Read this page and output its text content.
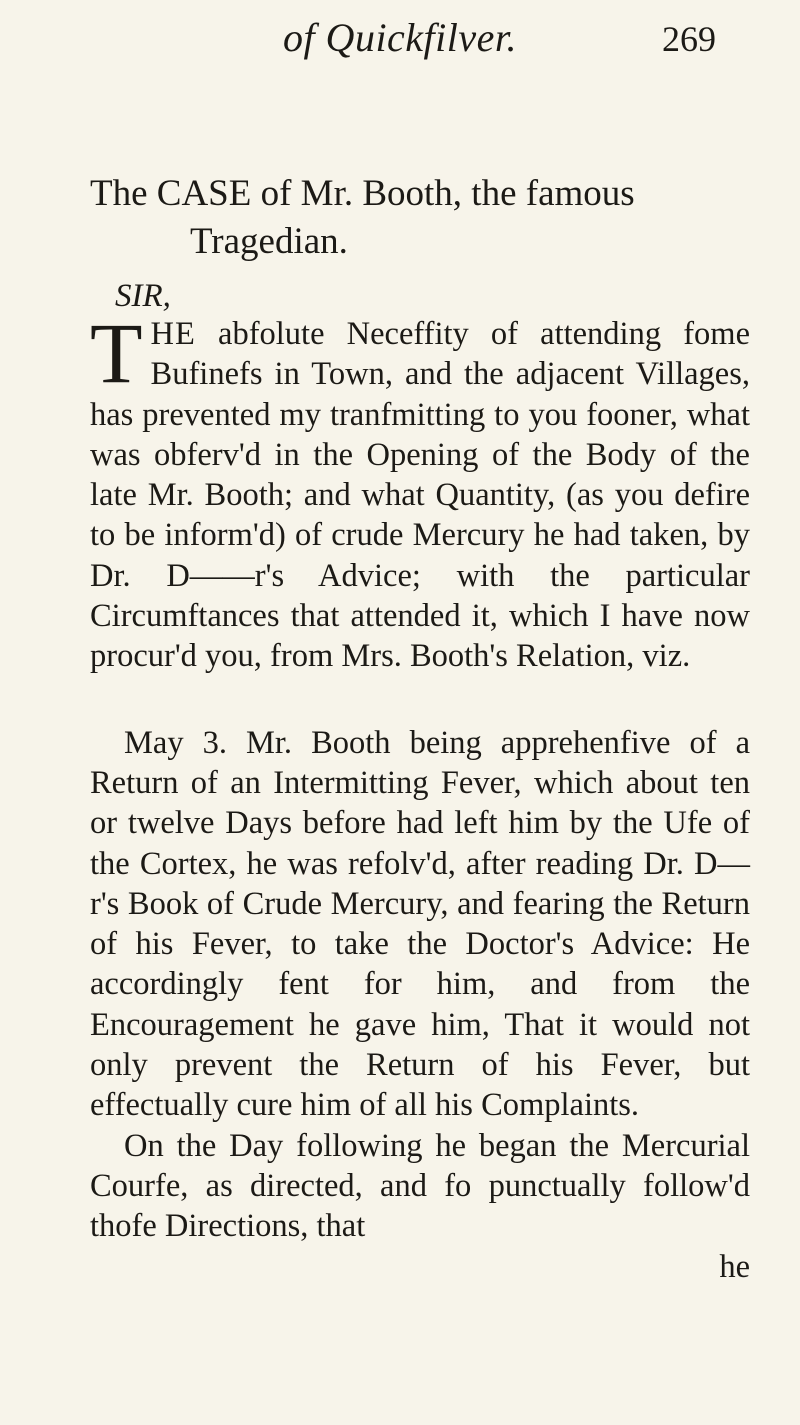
of Quickfilver.	269

The CASE of Mr. Booth, the famous

Tragedian.

SIR,

THE abfolute Neceffity of attending fome Bufinefs in Town, and the adjacent Villages, has prevented my tranfmitting to you fooner, what was obferv'd in the Opening of the Body of the late Mr. Booth; and what Quantity, (as you defire to be inform'd) of crude Mercury he had taken, by Dr. D——r's Advice; with the particular Circumftances that attended it, which I have now procur'd you, from Mrs. Booth's Relation, viz.

May 3. Mr. Booth being apprehenfive of a Return of an Intermitting Fever, which about ten or twelve Days before had left him by the Ufe of the Cortex, he was refolv'd, after reading Dr. D—r's Book of Crude Mercury, and fearing the Return of his Fever, to take the Doctor's Advice: He accordingly fent for him, and from the Encouragement he gave him, That it would not only prevent the Return of his Fever, but effectually cure him of all his Complaints.

On the Day following he began the Mercurial Courfe, as directed, and fo punctually follow'd thofe Directions, that

he
